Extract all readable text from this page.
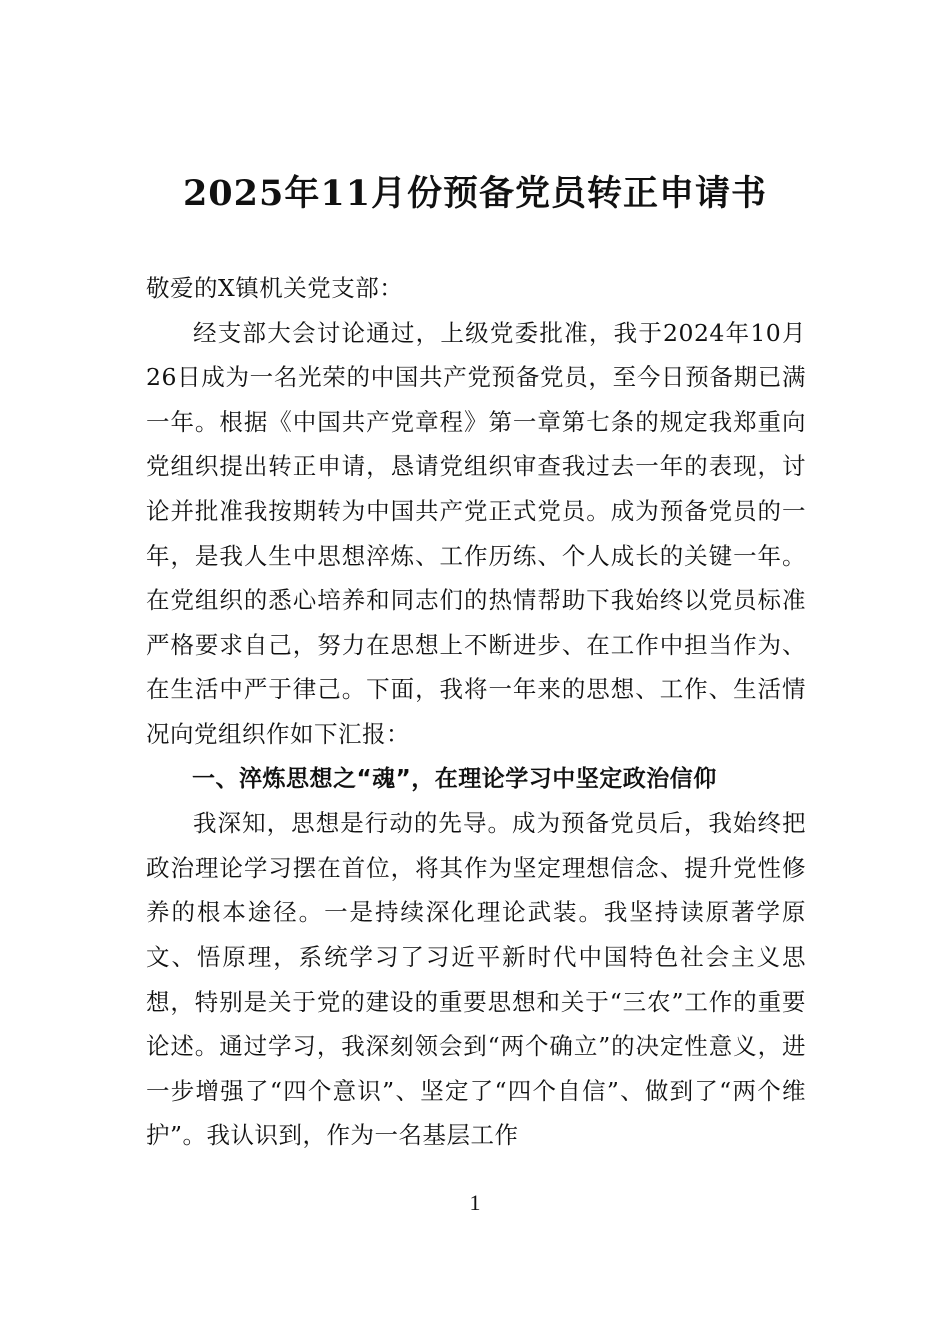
2025年11月份预备党员转正申请书

敬爱的X镇机关党支部：

经支部大会讨论通过，上级党委批准，我于2024年10月26日成为一名光荣的中国共产党预备党员，至今日预备期已满一年。根据《中国共产党章程》第一章第七条的规定我郑重向党组织提出转正申请，恳请党组织审查我过去一年的表现，讨论并批准我按期转为中国共产党正式党员。成为预备党员的一年，是我人生中思想淬炼、工作历练、个人成长的关键一年。在党组织的悉心培养和同志们的热情帮助下我始终以党员标准严格要求自己，努力在思想上不断进步、在工作中担当作为、在生活中严于律己。下面，我将一年来的思想、工作、生活情况向党组织作如下汇报：

一、淬炼思想之“魂”，在理论学习中坚定政治信仰

我深知，思想是行动的先导。成为预备党员后，我始终把政治理论学习摆在首位，将其作为坚定理想信念、提升党性修养的根本途径。一是持续深化理论武装。我坚持读原著学原文、悟原理，系统学习了习近平新时代中国特色社会主义思想，特别是关于党的建设的重要思想和关于“三农”工作的重要论述。通过学习，我深刻领会到“两个确立”的决定性意义，进一步增强了“四个意识”、坚定了“四个自信”、做到了“两个维护”。我认识到，作为一名基层工作

1
